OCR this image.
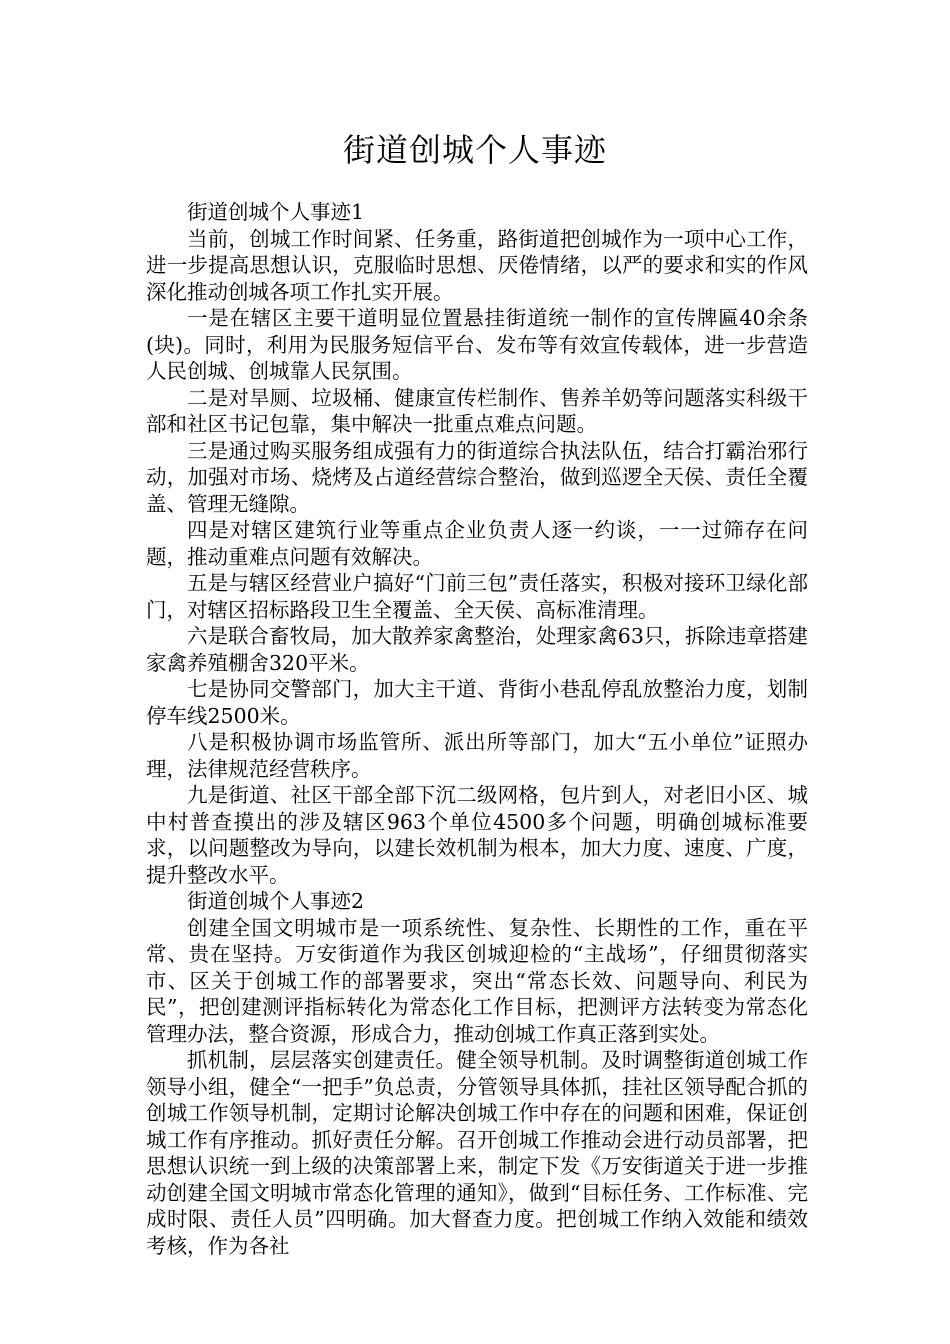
街道创城个人事迹

街道创城个人事迹1

当前，创城工作时间紧、任务重，路街道把创城作为一项中心工作，进一步提高思想认识，克服临时思想、厌倦情绪，以严的要求和实的作风深化推动创城各项工作扎实开展。

一是在辖区主要干道明显位置悬挂街道统一制作的宣传牌匾40余条(块)。同时，利用为民服务短信平台、发布等有效宣传载体，进一步营造人民创城、创城靠人民氛围。

二是对旱厕、垃圾桶、健康宣传栏制作、售养羊奶等问题落实科级干部和社区书记包靠，集中解决一批重点难点问题。

三是通过购买服务组成强有力的街道综合执法队伍，结合打霸治邪行动，加强对市场、烧烤及占道经营综合整治，做到巡逻全天侯、责任全覆盖、管理无缝隙。

四是对辖区建筑行业等重点企业负责人逐一约谈，一一过筛存在问题，推动重难点问题有效解决。

五是与辖区经营业户搞好“门前三包”责任落实，积极对接环卫绿化部门，对辖区招标路段卫生全覆盖、全天侯、高标准清理。

六是联合畜牧局，加大散养家禽整治，处理家禽63只，拆除违章搭建家禽养殖棚舍320平米。

七是协同交警部门，加大主干道、背街小巷乱停乱放整治力度，划制停车线2500米。

八是积极协调市场监管所、派出所等部门，加大“五小单位”证照办理，法律规范经营秩序。

九是街道、社区干部全部下沉二级网格，包片到人，对老旧小区、城中村普查摸出的涉及辖区963个单位4500多个问题，明确创城标准要求，以问题整改为导向，以建长效机制为根本，加大力度、速度、广度，提升整改水平。

街道创城个人事迹2

创建全国文明城市是一项系统性、复杂性、长期性的工作，重在平常、贵在坚持。万安街道作为我区创城迎检的“主战场”，仔细贯彻落实市、区关于创城工作的部署要求，突出“常态长效、问题导向、利民为民”，把创建测评指标转化为常态化工作目标，把测评方法转变为常态化管理办法，整合资源，形成合力，推动创城工作真正落到实处。

抓机制，层层落实创建责任。健全领导机制。及时调整街道创城工作领导小组，健全“一把手”负总责，分管领导具体抓，挂社区领导配合抓的创城工作领导机制，定期讨论解决创城工作中存在的问题和困难，保证创城工作有序推动。抓好责任分解。召开创城工作推动会进行动员部署，把思想认识统一到上级的决策部署上来，制定下发《万安街道关于进一步推动创建全国文明城市常态化管理的通知》，做到“目标任务、工作标准、完成时限、责任人员”四明确。加大督查力度。把创城工作纳入效能和绩效考核，作为各社
